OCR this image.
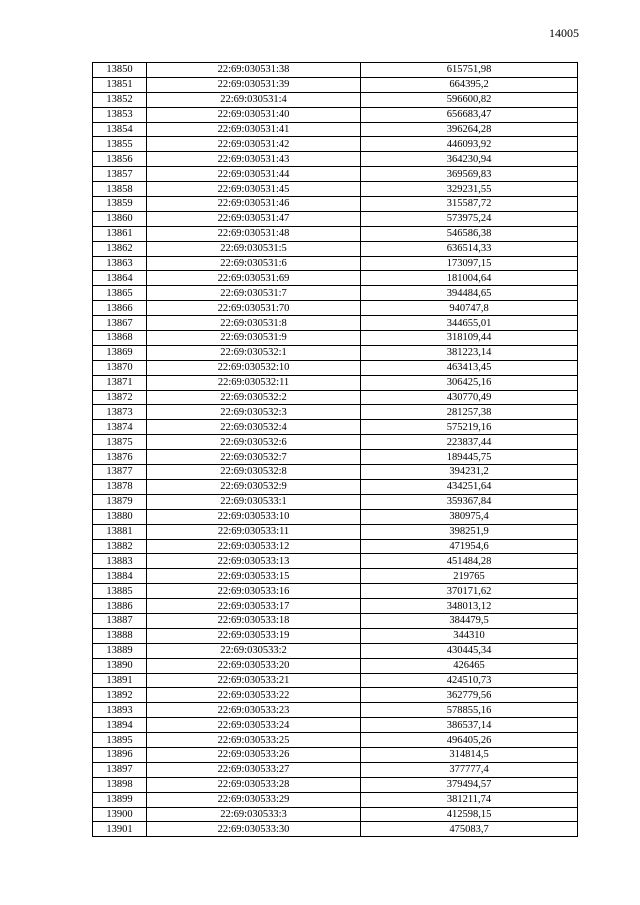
14005
13850	22:69:030531:38	615751,98
13851	22:69:030531:39	664395,2
13852	22:69:030531:4	596600,82
13853	22:69:030531:40	656683,47
13854	22:69:030531:41	396264,28
13855	22:69:030531:42	446093,92
13856	22:69:030531:43	364230,94
13857	22:69:030531:44	369569,83
13858	22:69:030531:45	329231,55
13859	22:69:030531:46	315587,72
13860	22:69:030531:47	573975,24
13861	22:69:030531:48	546586,38
13862	22:69:030531:5	636514,33
13863	22:69:030531:6	173097,15
13864	22:69:030531:69	181004,64
13865	22:69:030531:7	394484,65
13866	22:69:030531:70	940747,8
13867	22:69:030531:8	344655,01
13868	22:69:030531:9	318109,44
13869	22:69:030532:1	381223,14
13870	22:69:030532:10	463413,45
13871	22:69:030532:11	306425,16
13872	22:69:030532:2	430770,49
13873	22:69:030532:3	281257,38
13874	22:69:030532:4	575219,16
13875	22:69:030532:6	223837,44
13876	22:69:030532:7	189445,75
13877	22:69:030532:8	394231,2
13878	22:69:030532:9	434251,64
13879	22:69:030533:1	359367,84
13880	22:69:030533:10	380975,4
13881	22:69:030533:11	398251,9
13882	22:69:030533:12	471954,6
13883	22:69:030533:13	451484,28
13884	22:69:030533:15	219765
13885	22:69:030533:16	370171,62
13886	22:69:030533:17	348013,12
13887	22:69:030533:18	384479,5
13888	22:69:030533:19	344310
13889	22:69:030533:2	430445,34
13890	22:69:030533:20	426465
13891	22:69:030533:21	424510,73
13892	22:69:030533:22	362779,56
13893	22:69:030533:23	578855,16
13894	22:69:030533:24	386537,14
13895	22:69:030533:25	496405,26
13896	22:69:030533:26	314814,5
13897	22:69:030533:27	377777,4
13898	22:69:030533:28	379494,57
13899	22:69:030533:29	381211,74
13900	22:69:030533:3	412598,15
13901	22:69:030533:30	475083,7
